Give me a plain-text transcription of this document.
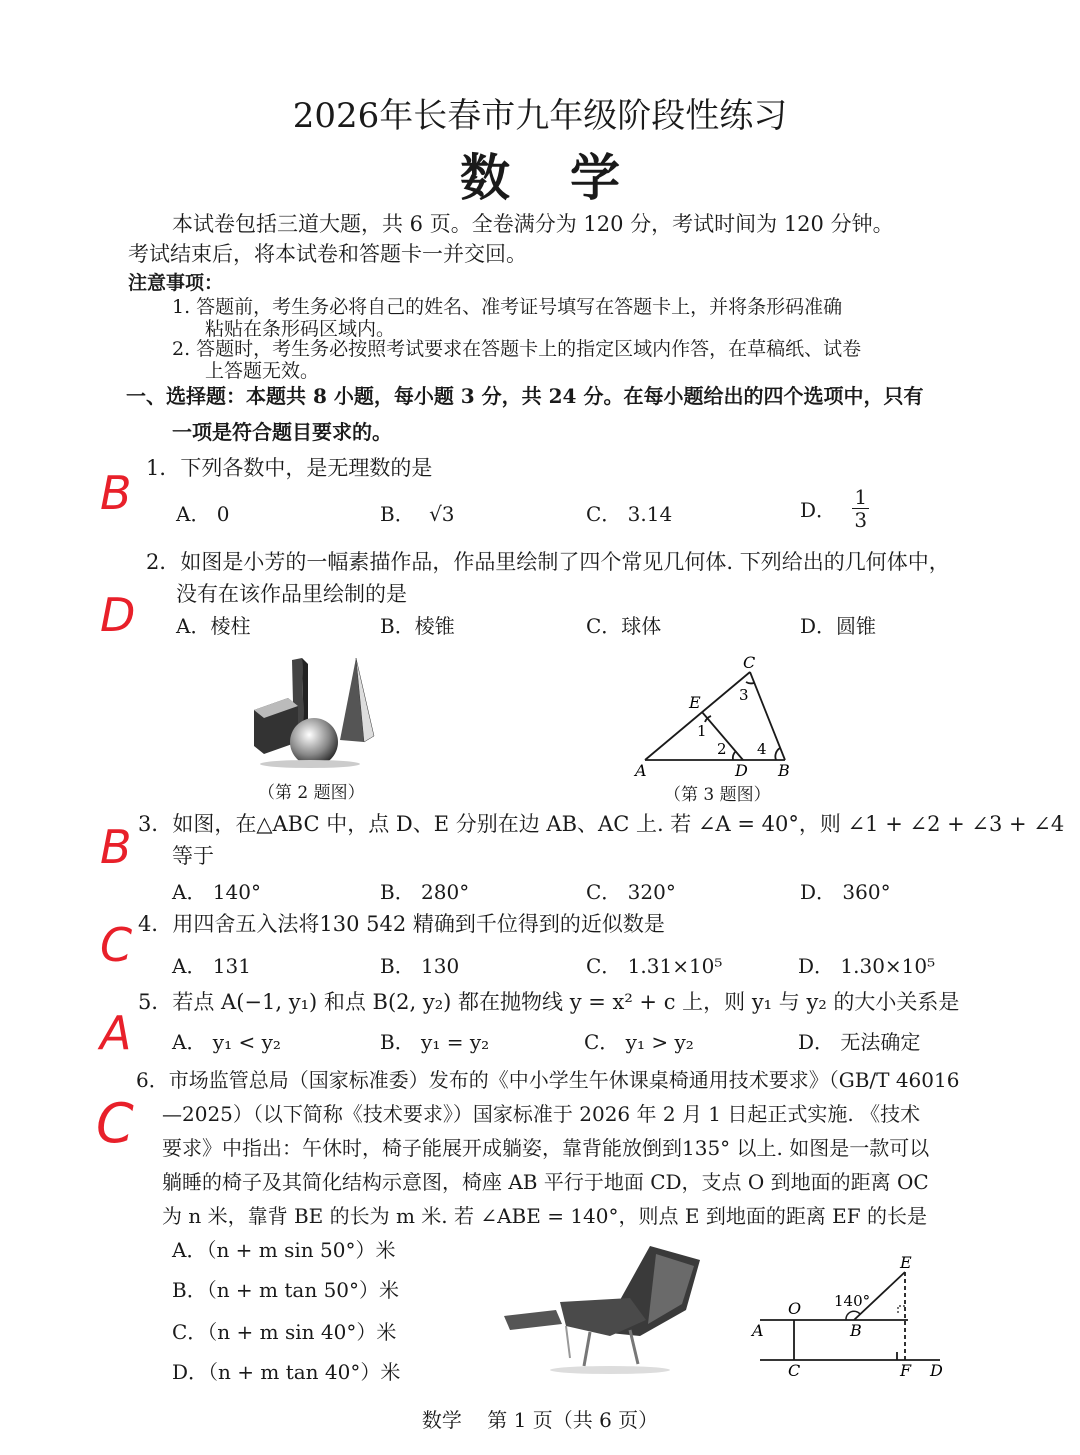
2026年长春市九年级阶段性练习
数学
本试卷包括三道大题，共 6 页。全卷满分为 120 分，考试时间为 120 分钟。
考试结束后，将本试卷和答题卡一并交回。
注意事项：
1. 答题前，考生务必将自己的姓名、准考证号填写在答题卡上，并将条形码准确
粘贴在条形码区域内。
2. 答题时，考生务必按照考试要求在答题卡上的指定区域内作答，在草稿纸、试卷
上答题无效。
一、选择题：本题共 8 小题，每小题 3 分，共 24 分。在每小题给出的四个选项中，只有
一项是符合题目要求的。
B 1．下列各数中，是无理数的是
A． 0	B． √3	C． 3.14	D． $\frac{1}{3}$
D
2．如图是小芳的一幅素描作品，作品里绘制了四个常见几何体. 下列给出的几何体中，
没有在该作品里绘制的是
A．棱柱	B．棱锥	C．球体	D．圆锥
（第 2 题图）
C
E	3
1
2 4
A	D B
（第 3 题图）
B 3．如图，在△ABC 中，点 D、E 分别在边 AB、AC 上. 若 ∠A = 40°，则 ∠1 + ∠2 + ∠3 + ∠4
等于
A． 140°	B． 280°	C． 320°	D． 360°
C 4．用四舍五入法将130 542 精确到千位得到的近似数是
A． 131	B． 130	C． 1.31×10⁵	D． 1.30×10⁵
A
5．若点 A(−1, y₁) 和点 B(2, y₂) 都在抛物线 y = x² + c 上，则 y₁ 与 y₂ 的大小关系是
A． y₁ < y₂	B． y₁ = y₂	C． y₁ > y₂	D． 无法确定
C
6．市场监管总局（国家标准委）发布的《中小学生午休课桌椅通用技术要求》（GB/T 46016
—2025）（以下简称《技术要求》）国家标准于 2026 年 2 月 1 日起正式实施. 《技术
要求》中指出：午休时，椅子能展开成躺姿，靠背能放倒到135° 以上. 如图是一款可以
躺睡的椅子及其简化结构示意图，椅座 AB 平行于地面 CD，支点 O 到地面的距离 OC
为 n 米，靠背 BE 的长为 m 米. 若 ∠ABE = 140°，则点 E 到地面的距离 EF 的长是
A．（n + m sin 50°）米
B．（n + m tan 50°）米
C．（n + m sin 40°）米
D．（n + m tan 40°）米
E
O 140°
A	B
C	F D
数学    第 1 页（共 6 页）
